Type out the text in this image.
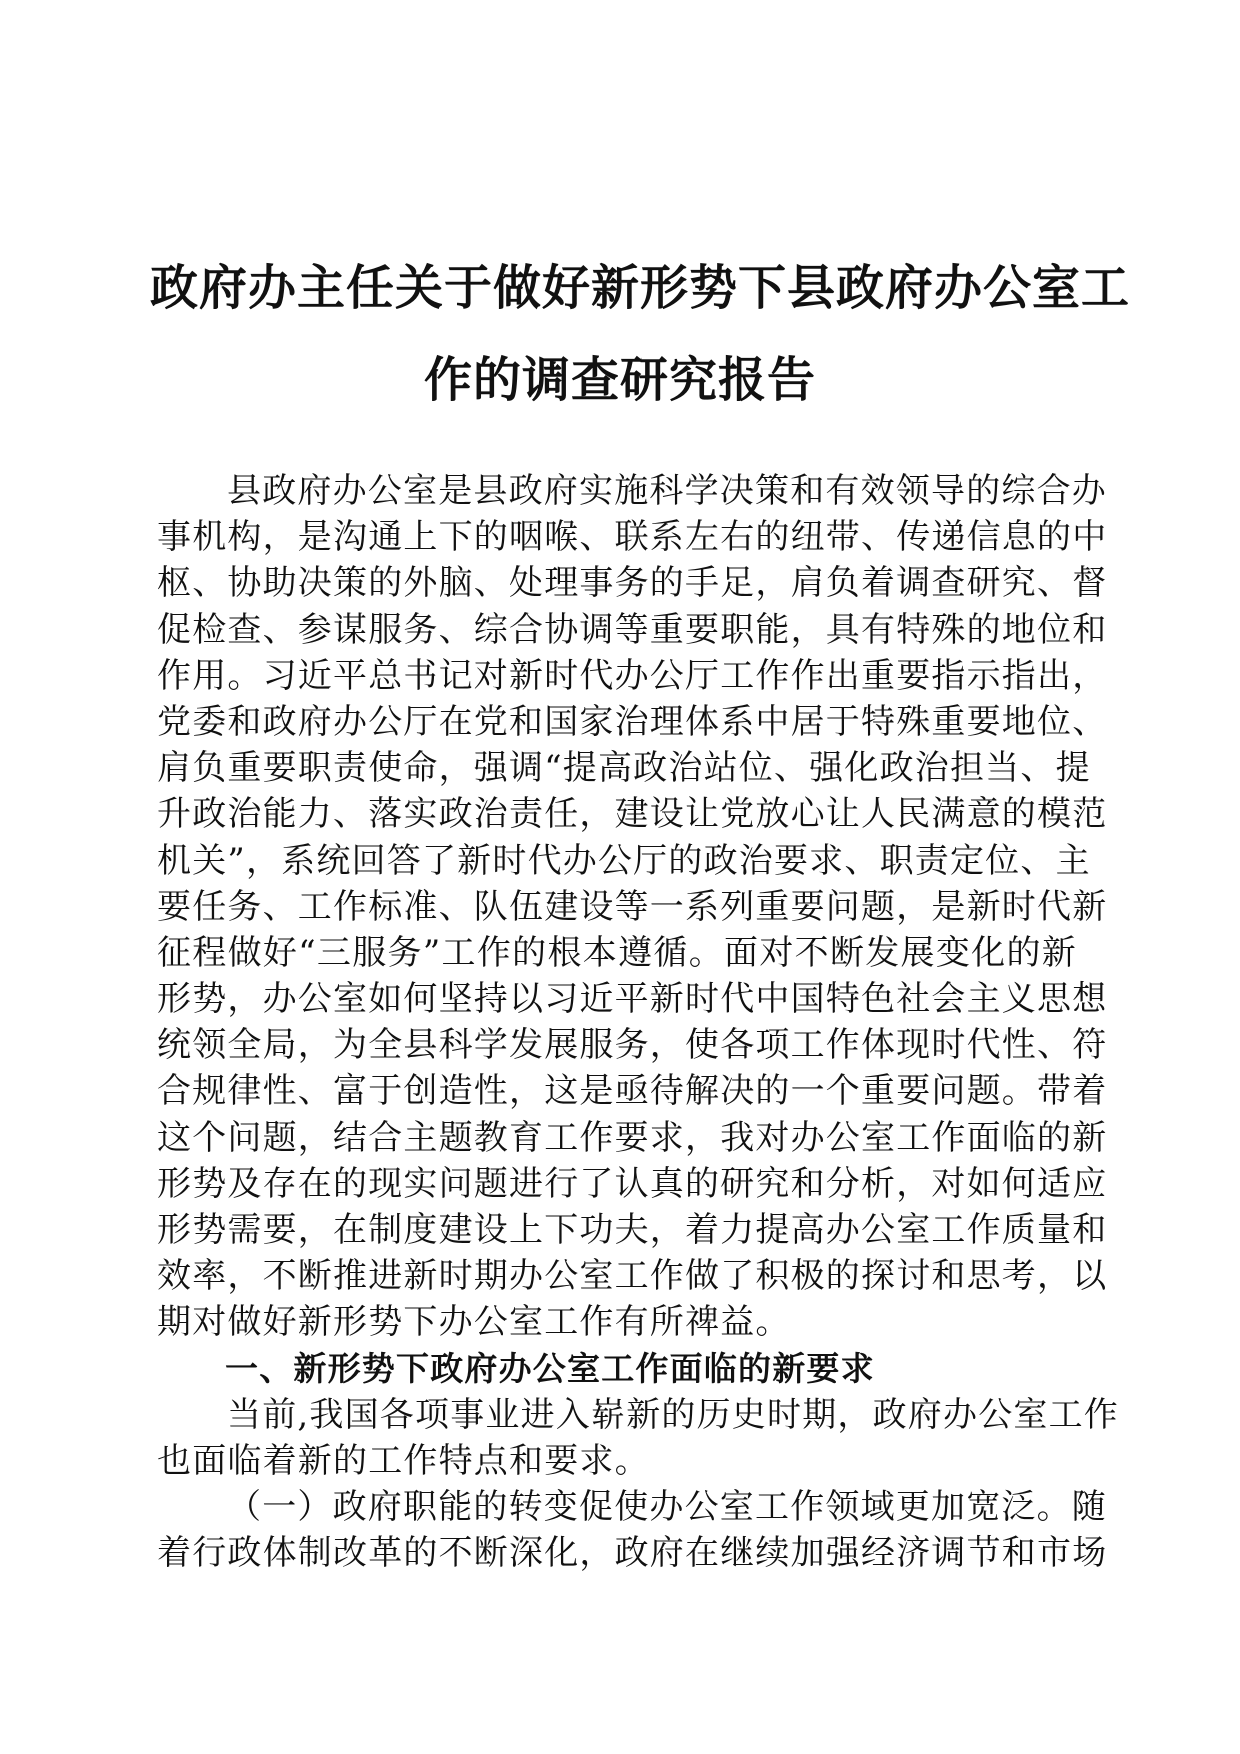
政府办主任关于做好新形势下县政府办公室工
作的调查研究报告
县政府办公室是县政府实施科学决策和有效领导的综合办
事机构，是沟通上下的咽喉、联系左右的纽带、传递信息的中
枢、协助决策的外脑、处理事务的手足，肩负着调查研究、督
促检查、参谋服务、综合协调等重要职能，具有特殊的地位和
作用。习近平总书记对新时代办公厅工作作出重要指示指出，
党委和政府办公厅在党和国家治理体系中居于特殊重要地位、
肩负重要职责使命，强调“提高政治站位、强化政治担当、提
升政治能力、落实政治责任，建设让党放心让人民满意的模范
机关”，系统回答了新时代办公厅的政治要求、职责定位、主
要任务、工作标准、队伍建设等一系列重要问题，是新时代新
征程做好“三服务”工作的根本遵循。面对不断发展变化的新
形势，办公室如何坚持以习近平新时代中国特色社会主义思想
统领全局，为全县科学发展服务，使各项工作体现时代性、符
合规律性、富于创造性，这是亟待解决的一个重要问题。带着
这个问题，结合主题教育工作要求，我对办公室工作面临的新
形势及存在的现实问题进行了认真的研究和分析，对如何适应
形势需要，在制度建设上下功夫，着力提高办公室工作质量和
效率，不断推进新时期办公室工作做了积极的探讨和思考，以
期对做好新形势下办公室工作有所禆益。
一、新形势下政府办公室工作面临的新要求
当前,我国各项事业进入崭新的历史时期，政府办公室工作
也面临着新的工作特点和要求。
（一）政府职能的转变促使办公室工作领域更加宽泛。随
着行政体制改革的不断深化，政府在继续加强经济调节和市场
